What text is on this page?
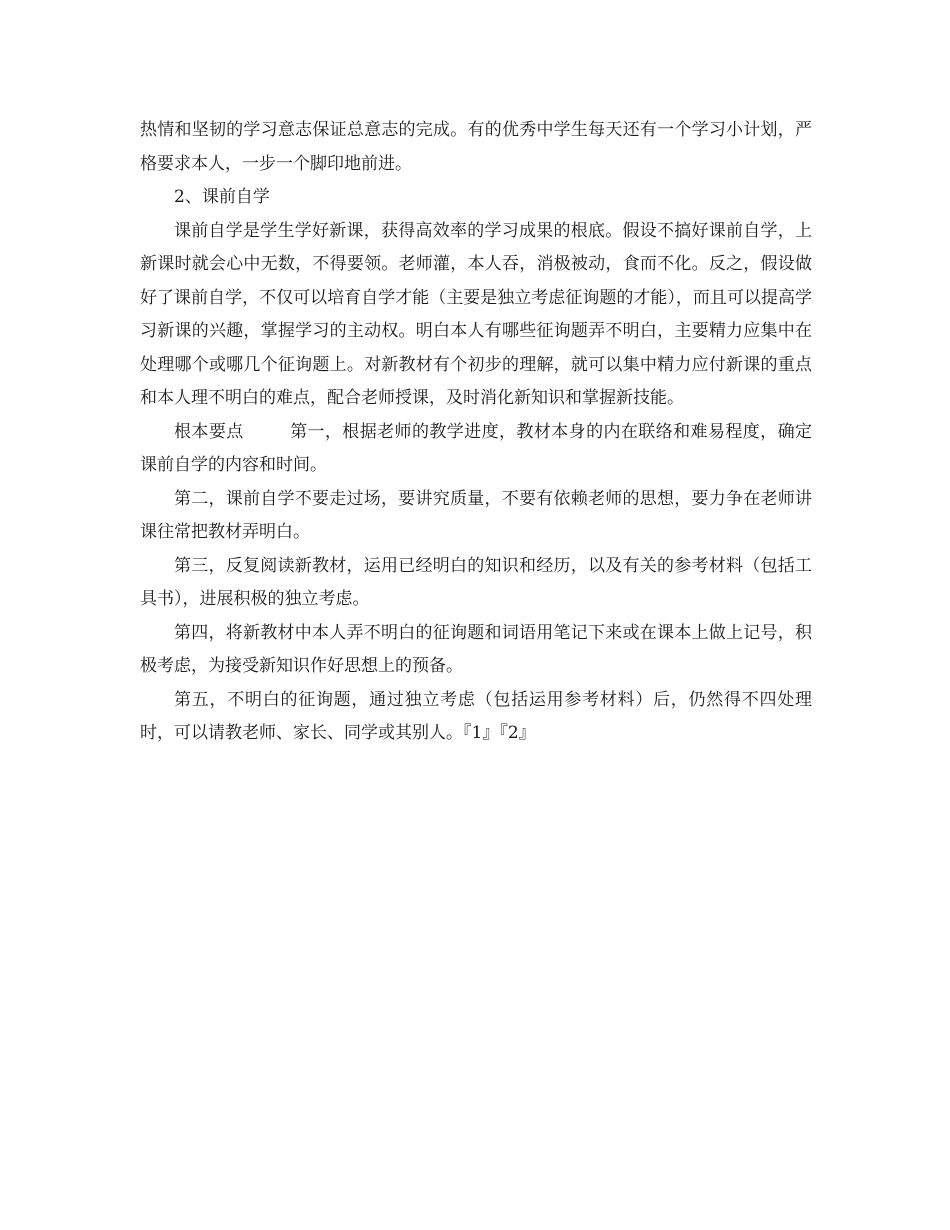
热情和坚韧的学习意志保证总意志的完成。有的优秀中学生每天还有一个学习小计划，严格要求本人，一步一个脚印地前进。

2、课前自学

课前自学是学生学好新课，获得高效率的学习成果的根底。假设不搞好课前自学，上新课时就会心中无数，不得要领。老师灌，本人吞，消极被动，食而不化。反之，假设做好了课前自学，不仅可以培育自学才能（主要是独立考虑征询题的才能），而且可以提高学习新课的兴趣，掌握学习的主动权。明白本人有哪些征询题弄不明白，主要精力应集中在处理哪个或哪几个征询题上。对新教材有个初步的理解，就可以集中精力应付新课的重点和本人理不明白的难点，配合老师授课，及时消化新知识和掌握新技能。

根本要点	第一，根据老师的教学进度，教材本身的内在联络和难易程度，确定课前自学的内容和时间。

第二，课前自学不要走过场，要讲究质量，不要有依赖老师的思想，要力争在老师讲课往常把教材弄明白。

第三，反复阅读新教材，运用已经明白的知识和经历，以及有关的参考材料（包括工具书），进展积极的独立考虑。

第四，将新教材中本人弄不明白的征询题和词语用笔记下来或在课本上做上记号，积极考虑，为接受新知识作好思想上的预备。

第五，不明白的征询题，通过独立考虑（包括运用参考材料）后，仍然得不四处理时，可以请教老师、家长、同学或其别人。『1』『2』
